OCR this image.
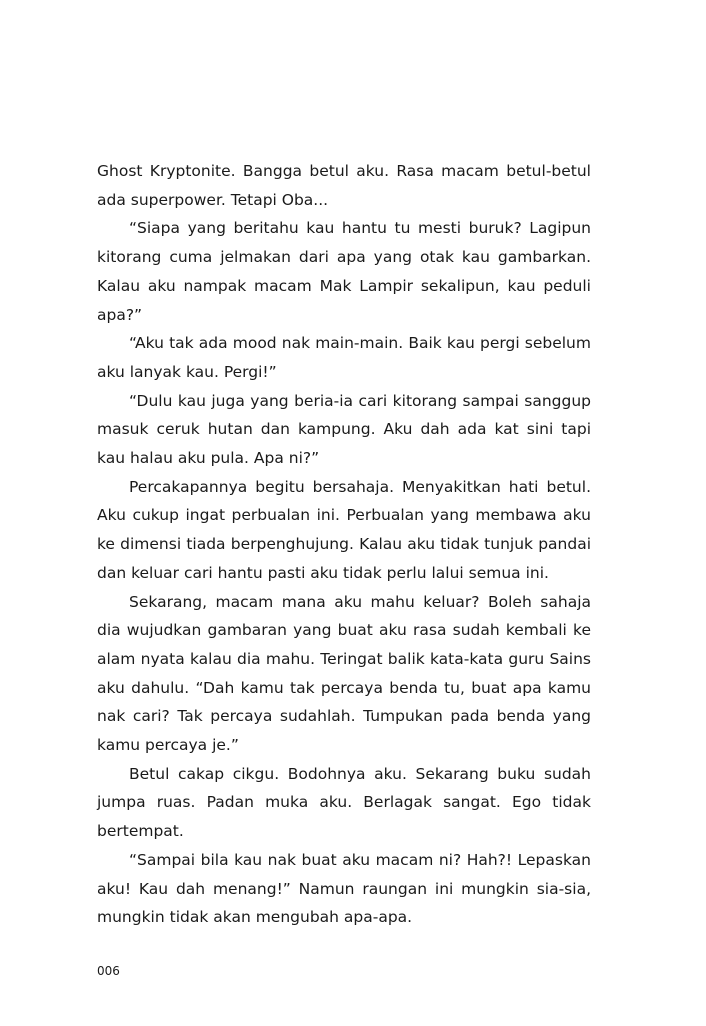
Ghost Kryptonite. Bangga betul aku. Rasa macam betul-betul ada superpower. Tetapi Oba...

“Siapa yang beritahu kau hantu tu mesti buruk? Lagipun kitorang cuma jelmakan dari apa yang otak kau gambarkan. Kalau aku nampak macam Mak Lampir sekalipun, kau peduli apa?”

“Aku tak ada mood nak main-main. Baik kau pergi sebelum aku lanyak kau. Pergi!”

“Dulu kau juga yang beria-ia cari kitorang sampai sanggup masuk ceruk hutan dan kampung. Aku dah ada kat sini tapi kau halau aku pula. Apa ni?”

Percakapannya begitu bersahaja. Menyakitkan hati betul. Aku cukup ingat perbualan ini. Perbualan yang membawa aku ke dimensi tiada berpenghujung. Kalau aku tidak tunjuk pandai dan keluar cari hantu pasti aku tidak perlu lalui semua ini.

Sekarang, macam mana aku mahu keluar? Boleh sahaja dia wujudkan gambaran yang buat aku rasa sudah kembali ke alam nyata kalau dia mahu. Teringat balik kata-kata guru Sains aku dahulu. “Dah kamu tak percaya benda tu, buat apa kamu nak cari? Tak percaya sudahlah. Tumpukan pada benda yang kamu percaya je.”

Betul cakap cikgu. Bodohnya aku. Sekarang buku sudah jumpa ruas. Padan muka aku. Berlagak sangat. Ego tidak bertempat.

“Sampai bila kau nak buat aku macam ni? Hah?! Lepaskan aku! Kau dah menang!” Namun raungan ini mungkin sia-sia, mungkin tidak akan mengubah apa-apa.

006
